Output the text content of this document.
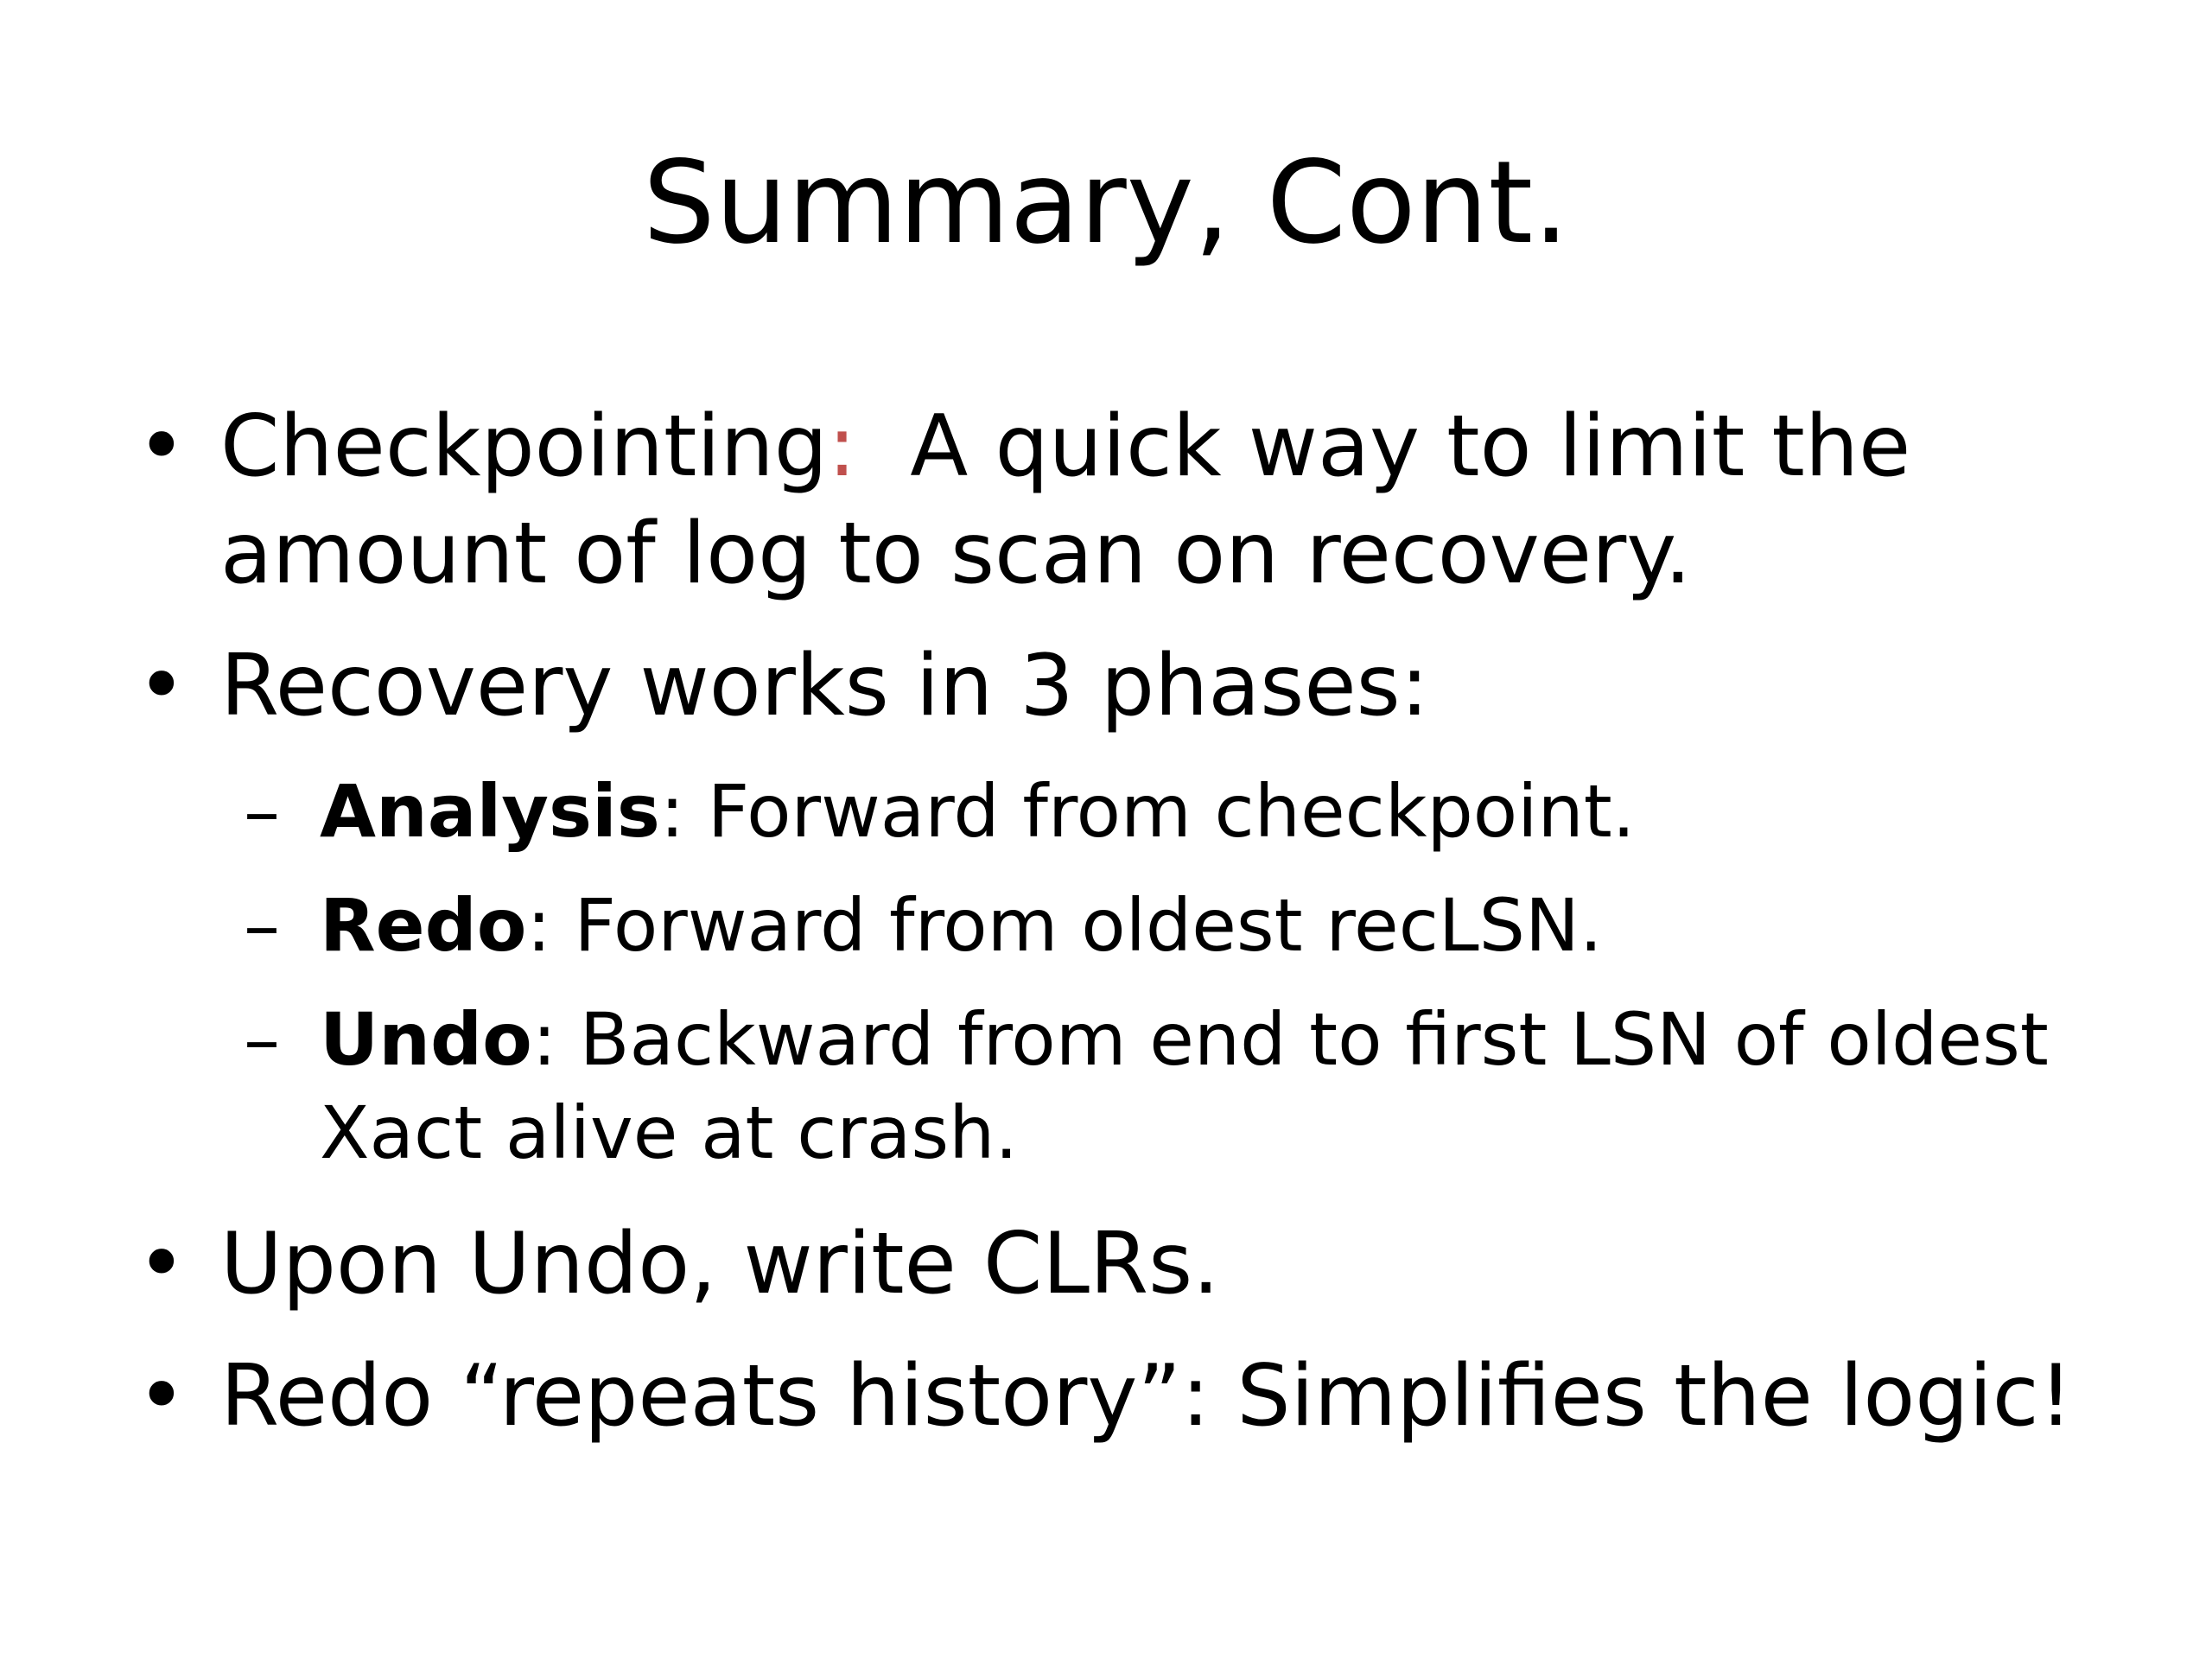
Summary, Cont.
• Checkpointing:  A quick way to limit the amount of log to scan on recovery.
• Recovery works in 3 phases:
– Analysis: Forward from checkpoint.
– Redo: Forward from oldest recLSN.
– Undo: Backward from end to first LSN of oldest Xact alive at crash.
• Upon Undo, write CLRs.
• Redo “repeats history”: Simplifies the logic!
